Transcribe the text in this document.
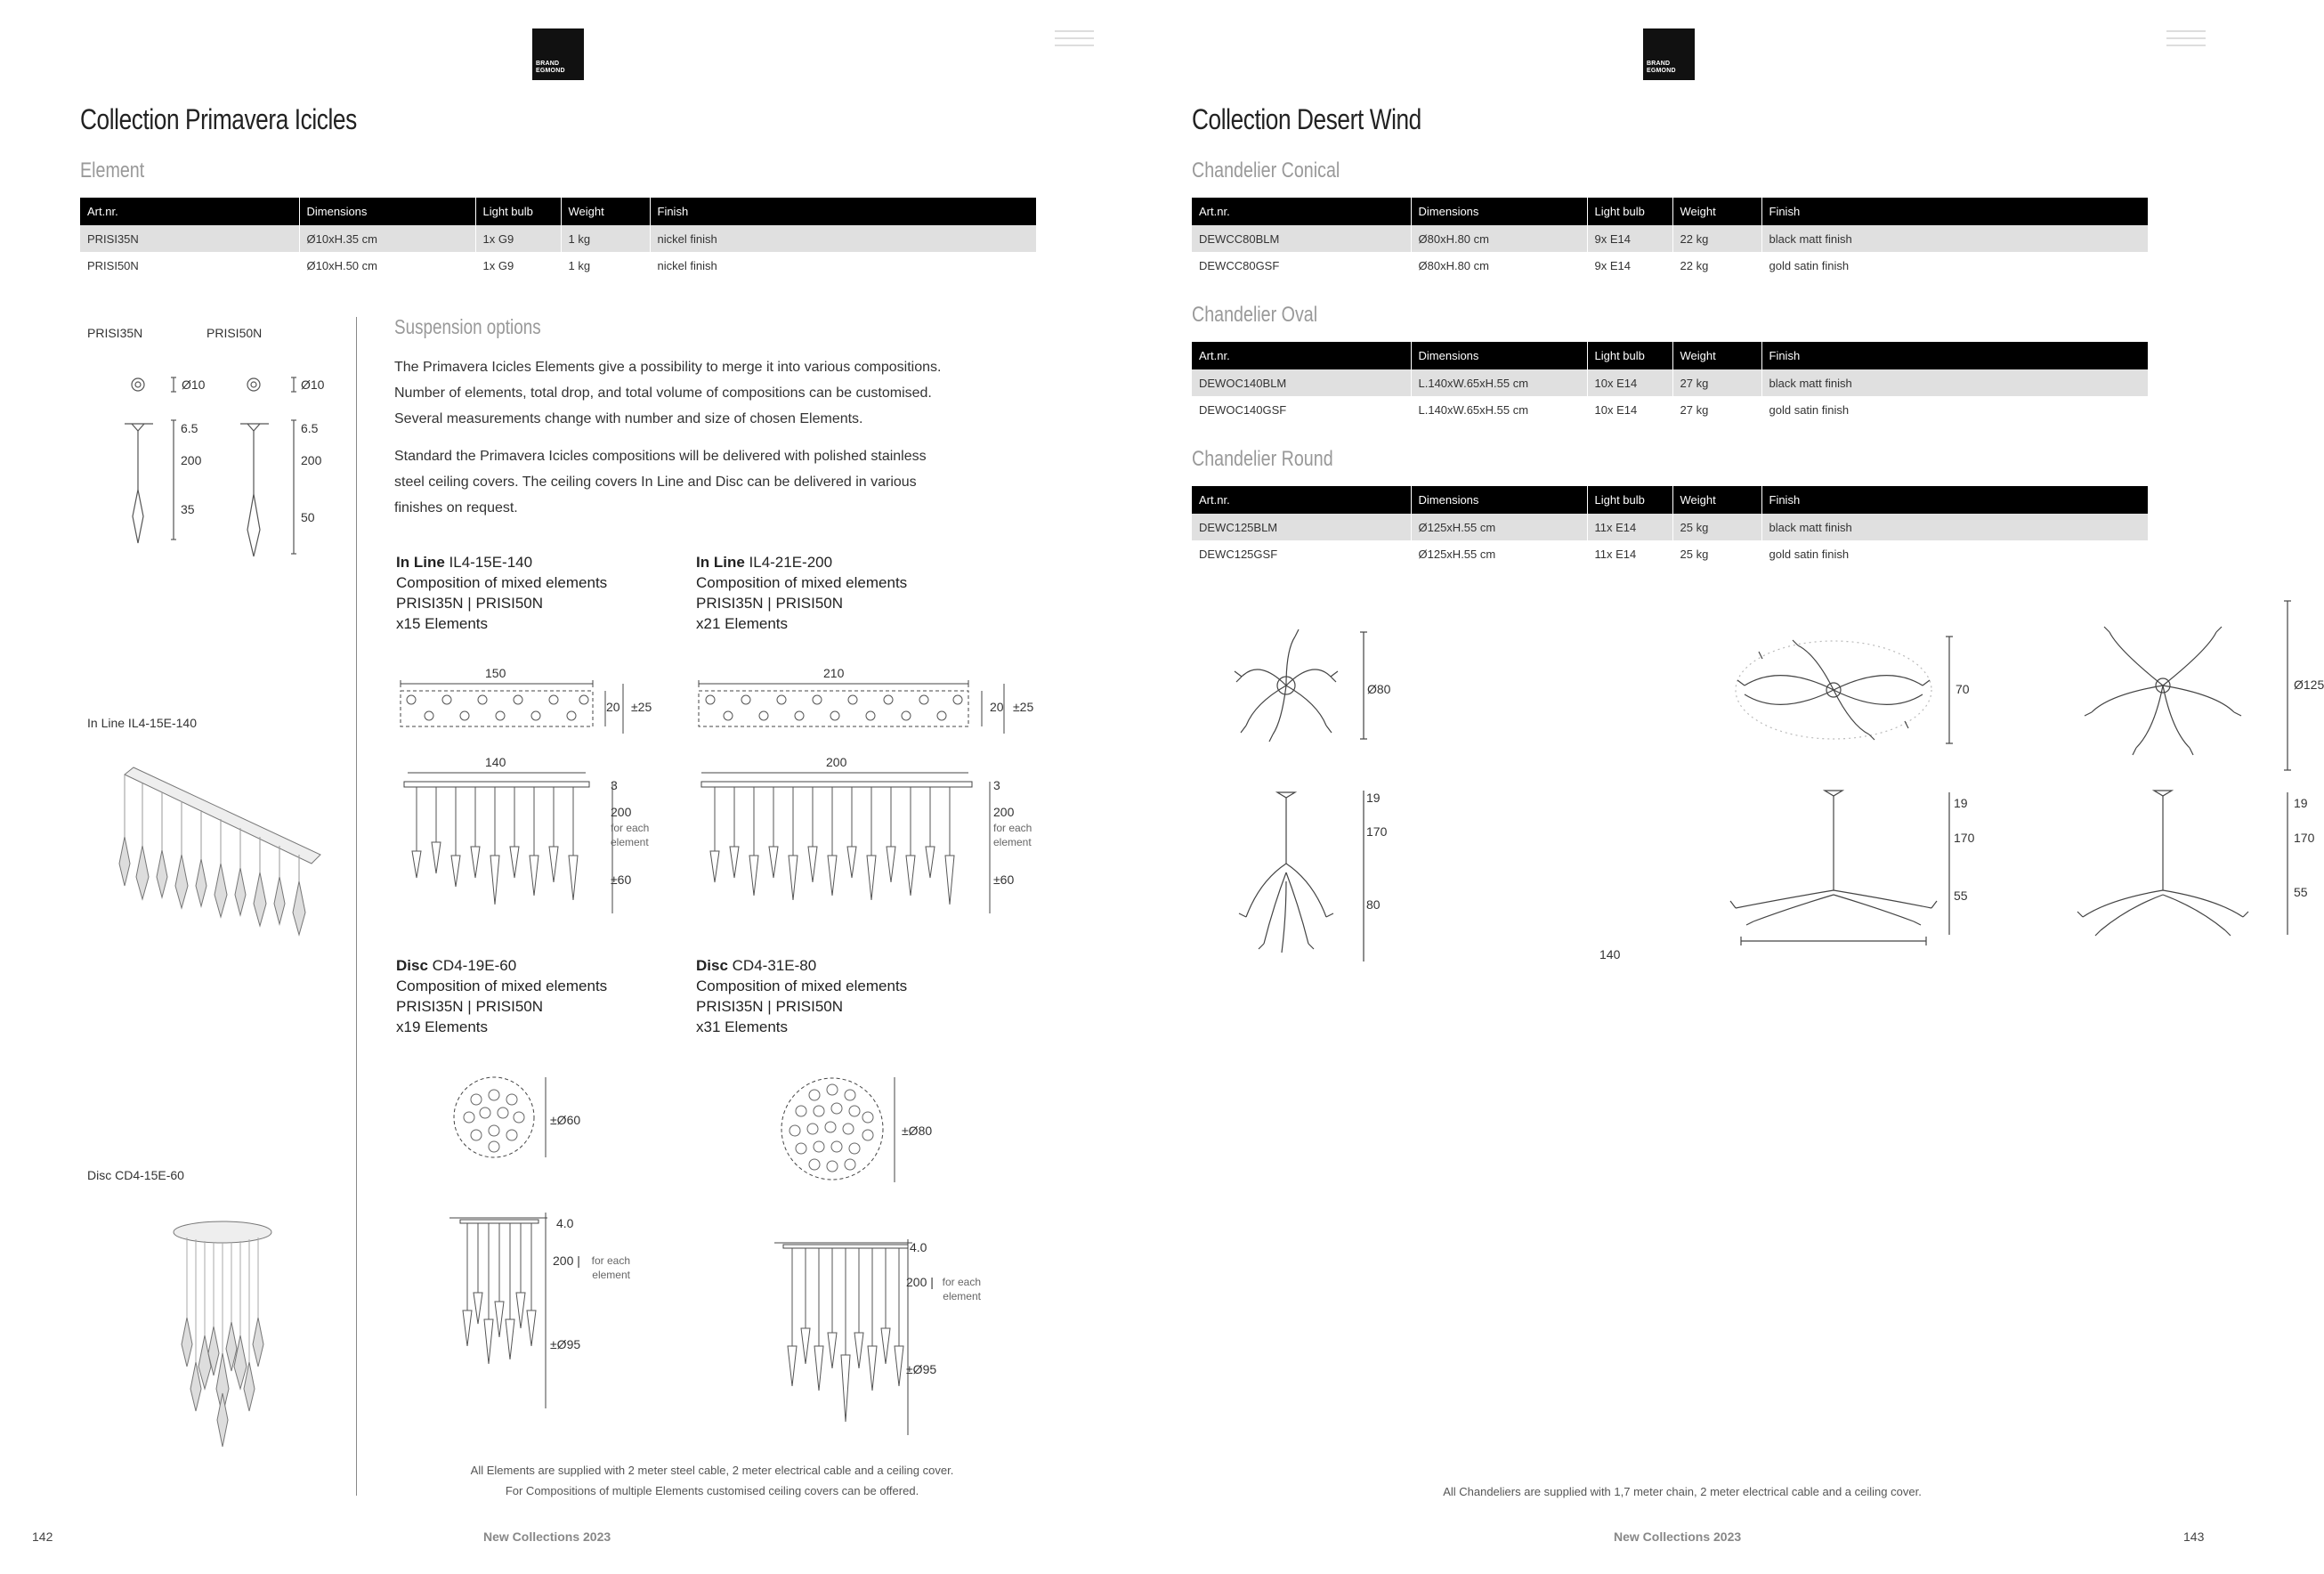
BRAND
EGMOND
Collection Primavera Icicles
Element
Art.nr.	Dimensions	Light bulb	Weight	Finish
PRISI35N	Ø10xH.35 cm	1x G9	1 kg	nickel finish
PRISI50N	Ø10xH.50 cm	1x G9	1 kg	nickel finish
PRISI35N	PRISI50N
Ø10
6.5
200
35
Ø10
6.5
200
50
In Line IL4-15E-140
Disc CD4-15E-60
Suspension options
The Primavera Icicles Elements give a possibility to merge it into various compositions.
Number of elements, total drop, and total volume of compositions can be customised.
Several measurements change with number and size of chosen Elements.
Standard the Primavera Icicles compositions will be delivered with polished stainless
steel ceiling covers. The ceiling covers In Line and Disc can be delivered in various
finishes on request.
In Line IL4-15E-140
Composition of mixed elements
PRISI35N | PRISI50N
x15 Elements
In Line IL4-21E-200
Composition of mixed elements
PRISI35N | PRISI50N
x21 Elements
150	210
20 ±25	20 ±25
140	200
3
200
for each
element
±60
3
200
for each
element
±60
Disc CD4-19E-60
Composition of mixed elements
PRISI35N | PRISI50N
x19 Elements
Disc CD4-31E-80
Composition of mixed elements
PRISI35N | PRISI50N
x31 Elements
±Ø60
±Ø80
4.0
200 |	for each
element
±Ø95
4.0
200 | for each
element
±Ø95
All Elements are supplied with 2 meter steel cable, 2 meter electrical cable and a ceiling cover.
For Compositions of multiple Elements customised ceiling covers can be offered.
142	New Collections 2023
BRAND
EGMOND
Collection Desert Wind
Chandelier Conical
Art.nr.	Dimensions	Light bulb	Weight	Finish
DEWCC80BLM	Ø80xH.80 cm	9x E14	22 kg	black matt finish
DEWCC80GSF	Ø80xH.80 cm	9x E14	22 kg	gold satin finish
Chandelier Oval
Art.nr.	Dimensions	Light bulb	Weight	Finish
DEWOC140BLM	L.140xW.65xH.55 cm	10x E14	27 kg	black matt finish
DEWOC140GSF	L.140xW.65xH.55 cm	10x E14	27 kg	gold satin finish
Chandelier Round
Art.nr.	Dimensions	Light bulb	Weight	Finish
DEWC125BLM	Ø125xH.55 cm	11x E14	25 kg	black matt finish
DEWC125GSF	Ø125xH.55 cm	11x E14	25 kg	gold satin finish
Ø80	70	Ø125
19
170
80
19
170
55
140
19
170
55
All Chandeliers are supplied with 1,7 meter chain, 2 meter electrical cable and a ceiling cover.
New Collections 2023	143
